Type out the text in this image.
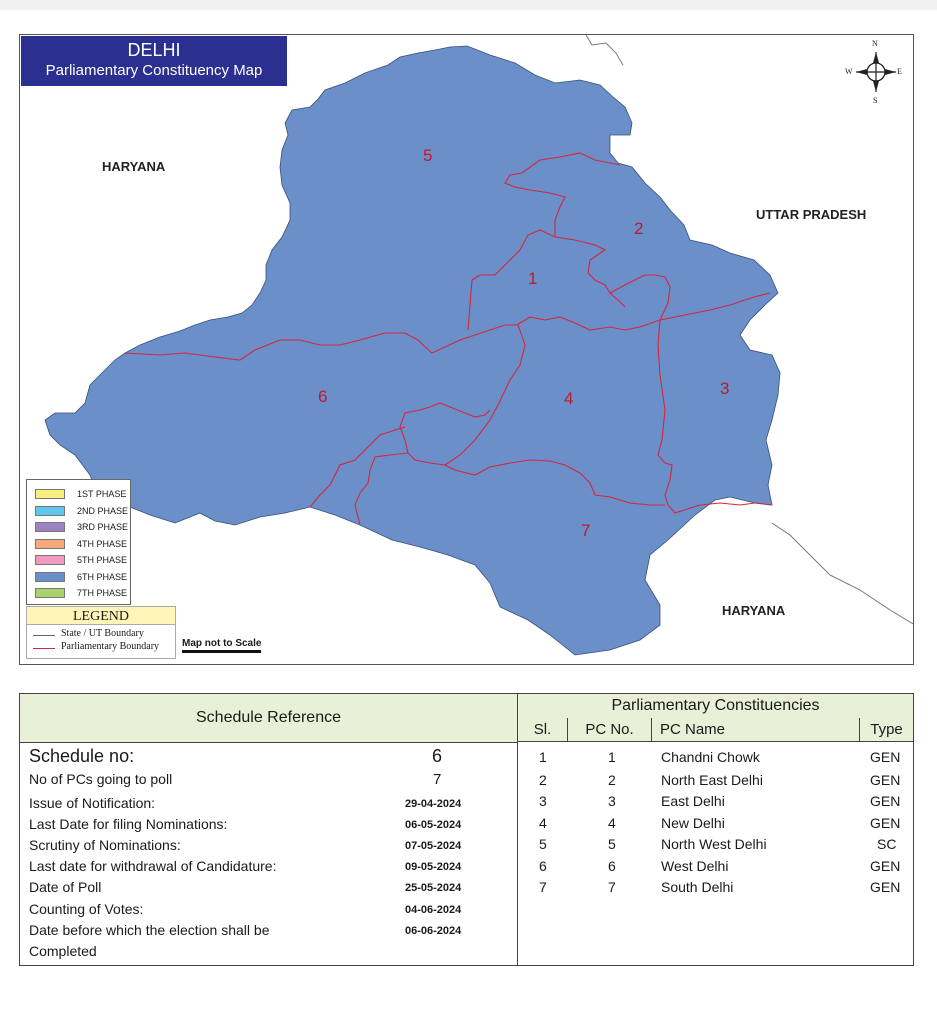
DELHI
Parliamentary Constituency Map
HARYANA
UTTAR PRADESH
HARYANA
1
2
3
4
5
6
7
N
S
W	E
1ST PHASE
2ND PHASE
3RD PHASE
4TH PHASE
5TH PHASE
6TH PHASE
7TH PHASE
LEGEND
State / UT Boundary
Parliamentary Boundary Map not to Scale
Schedule Reference
Parliamentary Constituencies
Sl.	PC No.	PC Name	Type
Schedule no:	6
No of PCs going to poll	7
Issue of Notification:	29-04-2024
Last Date for filing Nominations:	06-05-2024
Scrutiny of Nominations:	07-05-2024
Last date for withdrawal of Candidature:	09-05-2024
Date of Poll	25-05-2024
Counting of Votes:	04-06-2024
Date before which the election shall be	06-06-2024
Completed
1	1	Chandni Chowk	GEN
2	2	North East Delhi	GEN
3	3	East Delhi	GEN
4	4	New Delhi	GEN
5	5	North West Delhi	SC
6	6	West Delhi	GEN
7	7	South Delhi	GEN
